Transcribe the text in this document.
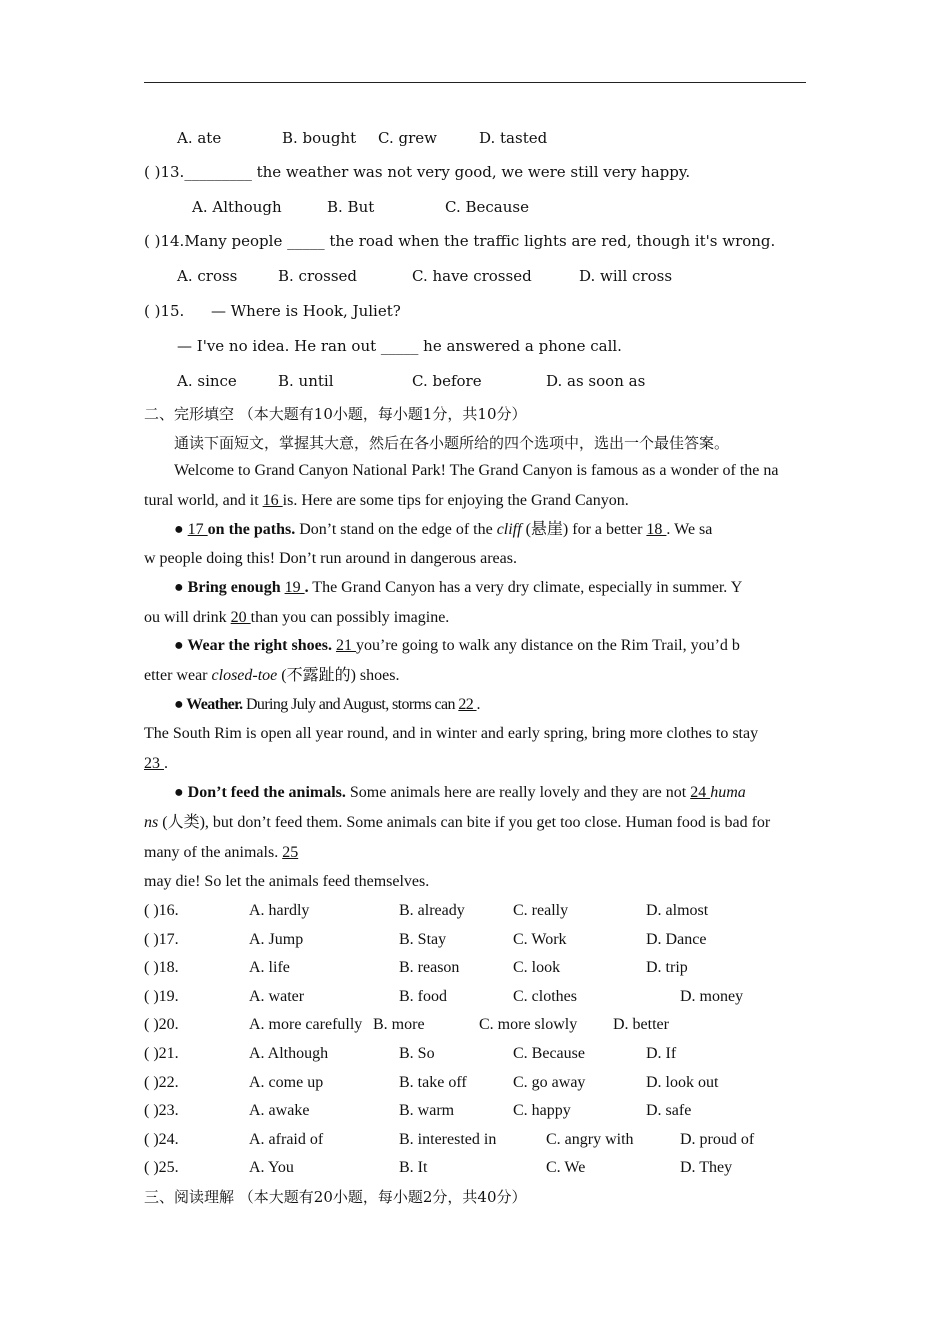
A. ate	B. bought C. grew	D. tasted
( )13._________ the weather was not very good, we were still very happy.
A. Although	B. But	C. Because
( )14.Many people _____ the road when the traffic lights are red, though it's wrong.
A. cross	B. crossed	C. have crossed	D. will cross
( )15. — Where is Hook, Juliet?
— I've no idea. He ran out _____ he answered a phone call.
A. since	B. until	C. before	D. as soon as
二、完形填空 （本大题有10小题，每小题1分，共10分）
通读下面短文，掌握其大意，然后在各小题所给的四个选项中，选出一个最佳答案。
Welcome to Grand Canyon National Park! The Grand Canyon is famous as a wonder of the na
tural world, and it 16 is. Here are some tips for enjoying the Grand Canyon.
● 17 on the paths. Don’t stand on the edge of the cliff (悬崖) for a better 18 . We sa
w people doing this! Don’t run around in dangerous areas.
● Bring enough 19 . The Grand Canyon has a very dry climate, especially in summer. Y
ou will drink 20 than you can possibly imagine.
● Wear the right shoes. 21 you’re going to walk any distance on the Rim Trail, you’d b
etter wear closed-toe (不露趾的) shoes.
● Weather. During July and August, storms can 22 .
The South Rim is open all year round, and in winter and early spring, bring more clothes to stay
23 .
● Don’t feed the animals. Some animals here are really lovely and they are not 24 huma
ns (人类), but don’t feed them. Some animals can bite if you get too close. Human food is bad for
many of the animals. 25
may die! So let the animals feed themselves.
( )16.	A. hardly	B. already	C. really	D. almost
( )17.	A. Jump	B. Stay	C. Work	D. Dance
( )18.	A. life	B. reason	C. look	D. trip
( )19.	A. water	B. food	C. clothes	D. money
( )20.	A. more carefully B. more	C. more slowly D. better
( )21.	A. Although	B. So	C. Because	D. If
( )22.	A. come up	B. take off	C. go away	D. look out
( )23.	A. awake	B. warm	C. happy	D. safe
( )24.	A. afraid of	B. interested in	C. angry with	D. proud of
( )25.	A. You	B. It	C. We	D. They
三、阅读理解 （本大题有20小题，每小题2分，共40分）
